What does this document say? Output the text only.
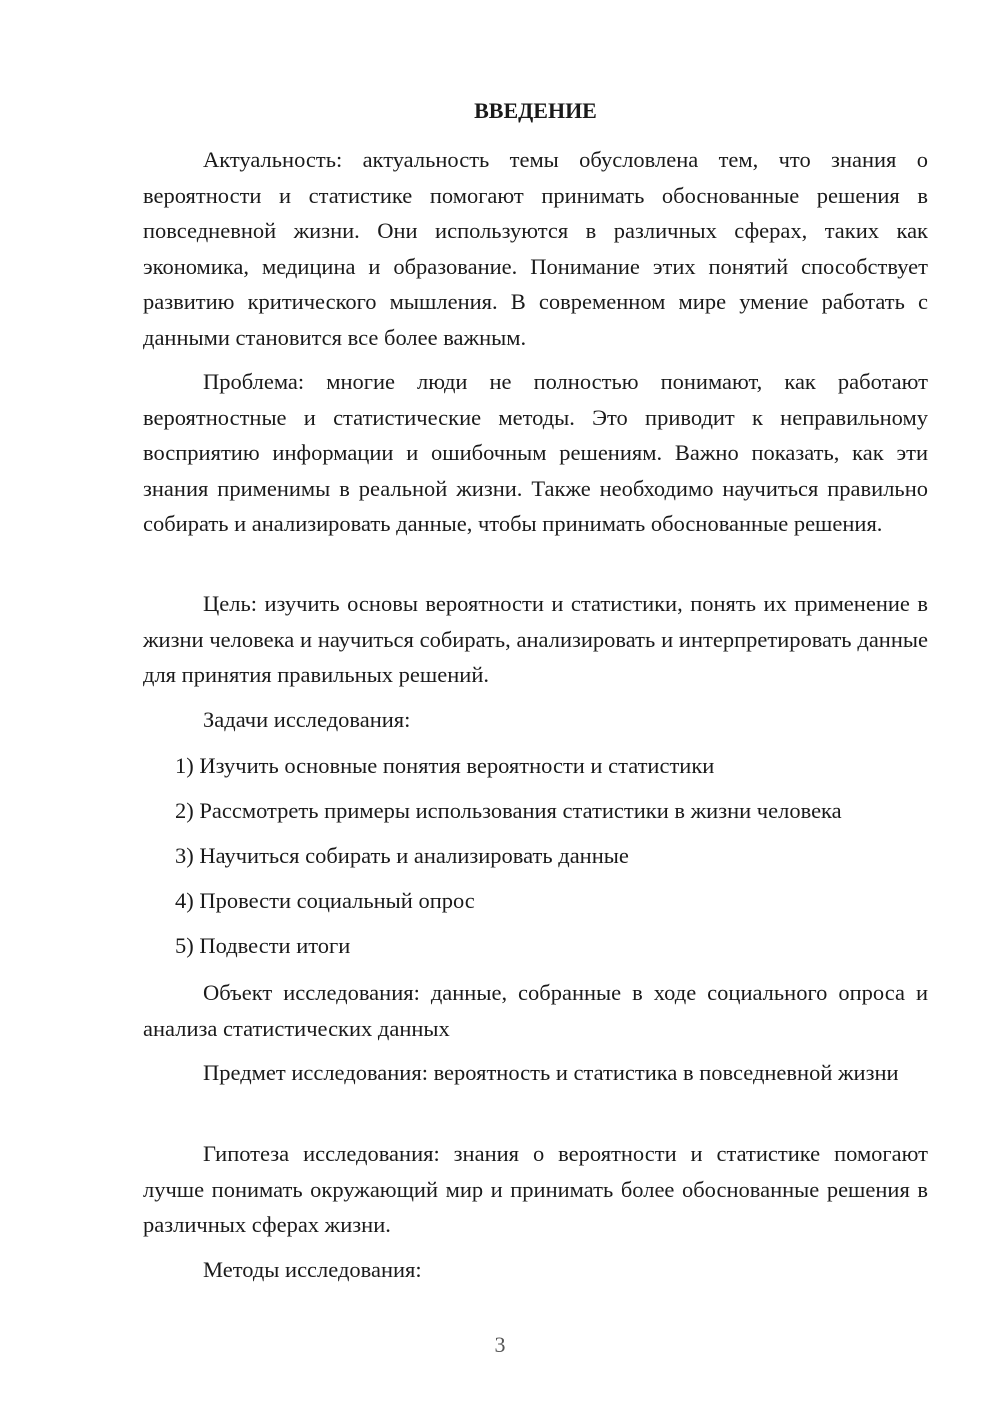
ВВЕДЕНИЕ

Актуальность: актуальность темы обусловлена тем, что знания о вероятности и статистике помогают принимать обоснованные решения в повседневной жизни. Они используются в различных сферах, таких как экономика, медицина и образование. Понимание этих понятий способствует развитию критического мышления. В современном мире умение работать с данными становится все более важным.

Проблема: многие люди не полностью понимают, как работают вероятностные и статистические методы. Это приводит к неправильному восприятию информации и ошибочным решениям. Важно показать, как эти знания применимы в реальной жизни. Также необходимо научиться правильно собирать и анализировать данные, чтобы принимать обоснованные решения.

Цель: изучить основы вероятности и статистики, понять их применение в жизни человека и научиться собирать, анализировать и интерпретировать данные для принятия правильных решений.

Задачи исследования:
1) Изучить основные понятия вероятности и статистики
2) Рассмотреть примеры использования статистики в жизни человека
3) Научиться собирать и анализировать данные
4) Провести социальный опрос
5) Подвести итоги

Объект исследования: данные, собранные в ходе социального опроса и анализа статистических данных

Предмет исследования: вероятность и статистика в повседневной жизни

Гипотеза исследования: знания о вероятности и статистике помогают лучше понимать окружающий мир и принимать более обоснованные решения в различных сферах жизни.

Методы исследования:
3
